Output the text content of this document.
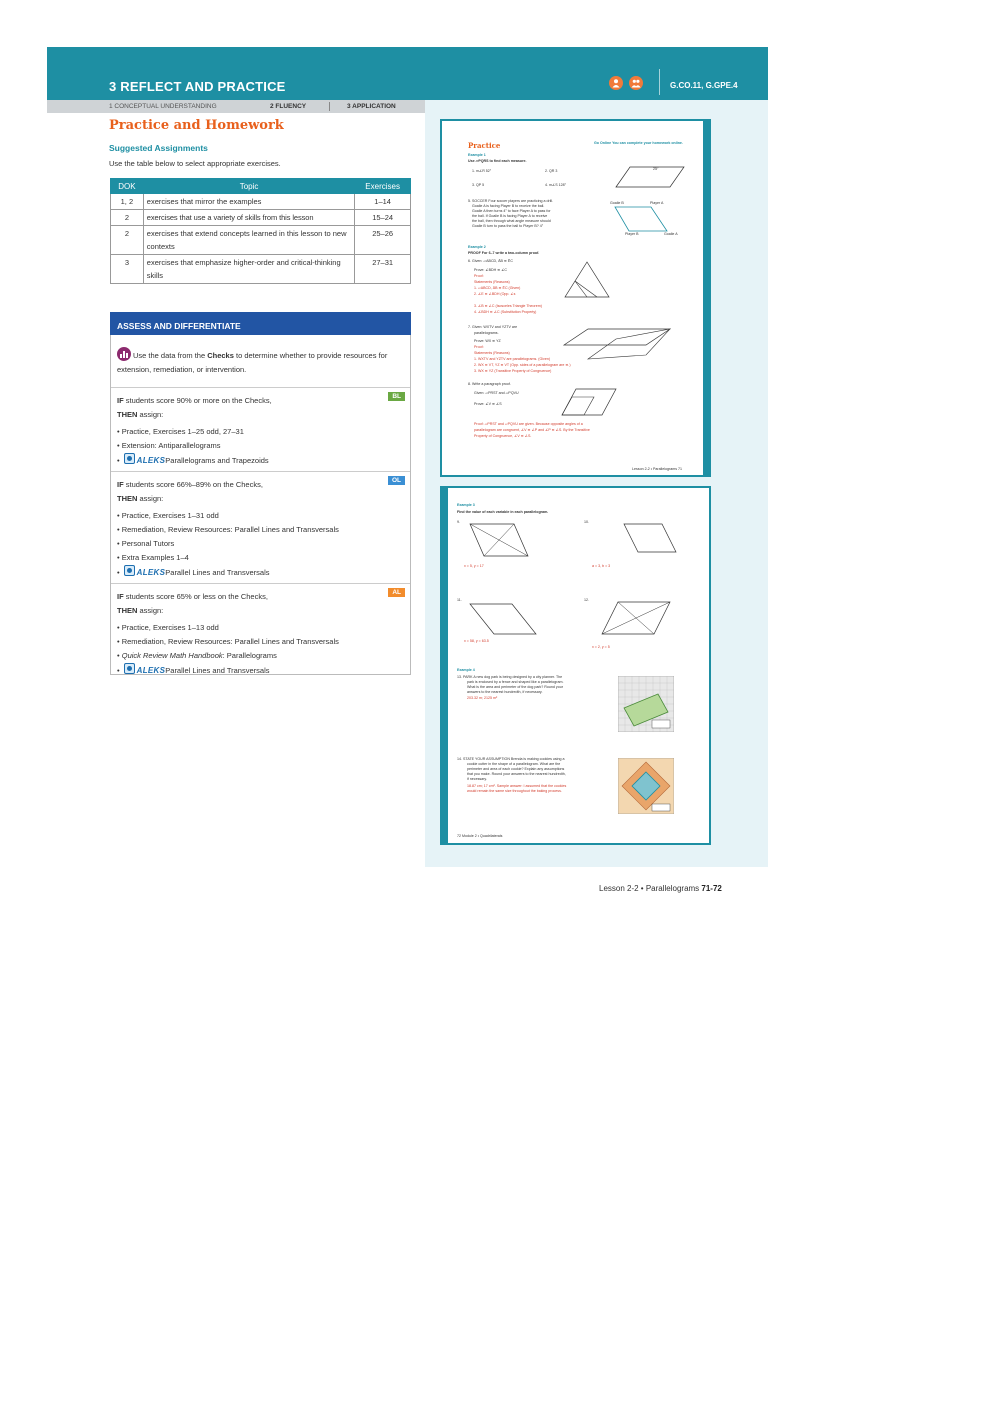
3 REFLECT AND PRACTICE	G.CO.11, G.GPE.4
1 CONCEPTUAL UNDERSTANDING	2 FLUENCY	3 APPLICATION
Practice and Homework
Suggested Assignments
Use the table below to select appropriate exercises.
DOK	Topic	Exercises
1, 2	exercises that mirror the examples	1–14
2	exercises that use a variety of skills from this lesson	15–24
2	exercises that extend concepts learned in this lesson to new contexts	25–26
3	exercises that emphasize higher-order and critical-thinking skills	27–31
ASSESS AND DIFFERENTIATE
Use the data from the Checks to determine whether to provide resources for extension, remediation, or intervention.
BL
IF students score 90% or more on the Checks,
THEN assign:
• Practice, Exercises 1–25 odd, 27–31
• Extension: Antiparallelograms
• ALEKSParallelograms and Trapezoids
OL
IF students score 66%–89% on the Checks,
THEN assign:
• Practice, Exercises 1–31 odd
• Remediation, Review Resources: Parallel Lines and Transversals
• Personal Tutors
• Extra Examples 1–4
• ALEKSParallel Lines and Transversals
AL
IF students score 65% or less on the Checks,
THEN assign:
• Practice, Exercises 1–13 odd
• Remediation, Review Resources: Parallel Lines and Transversals
• Quick Review Math Handbook: Parallelograms
• ALEKSParallel Lines and Transversals
Practice	Go Online You can complete your homework online.
Example 1
Use ▱PQRS to find each measure.
1. m∠R 52°	2. QR 3
3. QP 5	4. m∠S 128°
5. SOCCER Four soccer players are practicing a drill.
Goalie A is facing Player B to receive the ball.
Goalie A then turns 4° to face Player A to pass for
the ball. If Goalie B is facing Player A to receive
the ball, then through what angle measure should
Goalie B turn to pass the ball to Player B? 4°
Goalie B	Player A
Player B	Goalie A
25°
Example 2
PROOF For 6–7 write a two-column proof.
6. Given: ▱ABCD, ĀB ≅ ĒC
Prove: ∠BDH ≅ ∠C
Proof:
Statements (Reasons)
1. ▱ABCD, ĀB ≅ ĒC (Given)
2. ∠E ≅ ∠BDH (Opp. ∠s
3. ∠B ≅ ∠C (Isosceles Triangle Theorem)
4. ∠BDH ≅ ∠C (Substitution Property)
7. Given: WXTV and YZTV are
parallelograms.
Prove: WX ≅ YZ
Proof:
Statements (Reasons)
1. WXTV and YZTV are parallelograms. (Given)
2. WX ≅ VT, YZ ≅ VT (Opp. sides of a parallelogram are ≅.)
3. WX ≅ YZ (Transitive Property of Congruence)
8. Write a paragraph proof.
Given: ▱PRST and ▱PQVU
Prove: ∠V ≅ ∠S
Proof: ▱PRST and ▱PQVU are given. Because opposite angles of a
parallelogram are congruent, ∠V ≅ ∠P and ∠P ≅ ∠S. By the Transitive
Property of Congruence, ∠V ≅ ∠S.
Lesson 2-2 • Parallelograms 71
Example 3
Find the value of each variable in each parallelogram.
9.	10.
x = 5, y = 17	a = 3, b = 3
11.	12.
x = 58, y = 63.5
x = 2, y = 5
Example 4
13. PARK A new dog park is being designed by a city planner. The
park is enclosed by a fence and shaped like a parallelogram.
What is the area and perimeter of the dog park? Round your
answers to the nearest hundredth, if necessary.
203.32 m; 2125 m²
14. STATE YOUR ASSUMPTION Brenda is making cookies using a
cookie cutter in the shape of a parallelogram. What are the
perimeter and area of each cookie? Explain any assumptions
that you make. Round your answers to the nearest hundredth,
if necessary.
18.87 cm; 17 cm². Sample answer: I assumed that the cookies
would remain the same size throughout the baking process.
72 Module 2 • Quadrilaterals
Lesson 2-2 • Parallelograms 71-72
